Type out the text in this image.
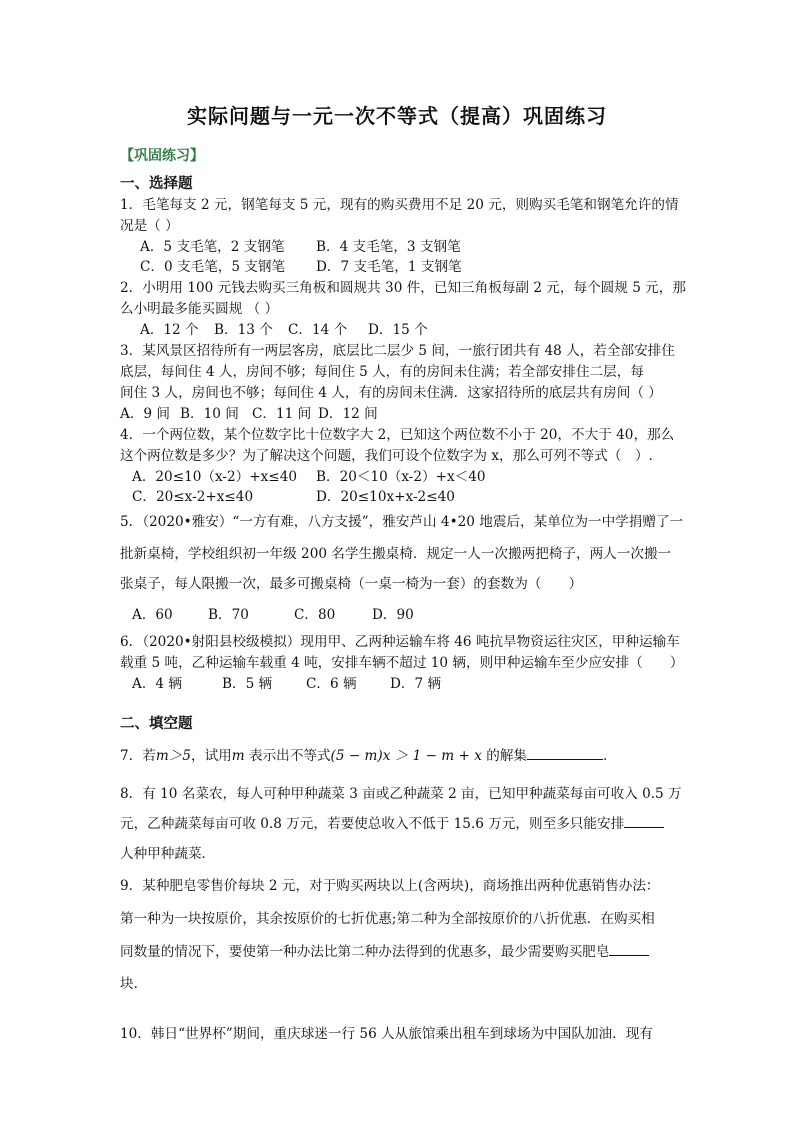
实际问题与一元一次不等式（提高）巩固练习
【巩固练习】
一、选择题
1．毛笔每支 2 元，钢笔每支 5 元，现有的购买费用不足 20 元，则购买毛笔和钢笔允许的情
况是（ ）
A．5 支毛笔，2 支钢笔 B．4 支毛笔，3 支钢笔
C．0 支毛笔，5 支钢笔 D．7 支毛笔，1 支钢笔
2．小明用 100 元钱去购买三角板和圆规共 30 件，已知三角板每副 2 元，每个圆规 5 元，那
么小明最多能买圆规 （ ）
A．12 个 B．13 个 C．14 个 D．15 个
3．某风景区招待所有一两层客房，底层比二层少 5 间，一旅行团共有 48 人，若全部安排住
底层，每间住 4 人，房间不够；每间住 5 人，有的房间未住满；若全部安排住二层，每
间住 3 人，房间也不够；每间住 4 人，有的房间未住满．这家招待所的底层共有房间（ ）
A．9 间 B．10 间 C．11 间 D．12 间
4．一个两位数，某个位数字比十位数字大 2，已知这个两位数不小于 20，不大于 40，那么
这个两位数是多少？为了解决这个问题，我们可设个位数字为 x，那么可列不等式（　）.
A．20≤10（x-2）+x≤40 B．20＜10（x-2）+x＜40
C．20≤x-2+x≤40	D．20≤10x+x-2≤40
5．（2020•雅安）“一方有难，八方支援”，雅安芦山 4•20 地震后，某单位为一中学捐赠了一
批新桌椅，学校组织初一年级 200 名学生搬桌椅．规定一人一次搬两把椅子，两人一次搬一
张桌子，每人限搬一次，最多可搬桌椅（一桌一椅为一套）的套数为（　　）
A．60	B．70	C．80	D．90
6．（2020•射阳县校级模拟）现用甲、乙两种运输车将 46 吨抗旱物资运往灾区，甲种运输车
载重 5 吨，乙种运输车载重 4 吨，安排车辆不超过 10 辆，则甲种运输车至少应安排（　　）
A．4 辆	B．5 辆 C．6 辆 D．7 辆
二、填空题
7．若m＞5，试用m 表示出不等式(5 − m)x ＞ 1 − m + x 的解集	.
8．有 10 名菜农，每人可种甲种蔬菜 3 亩或乙种蔬菜 2 亩，已知甲种蔬菜每亩可收入 0.5 万
元，乙种蔬菜每亩可收 0.8 万元，若要使总收入不低于 15.6 万元，则至多只能安排
人种甲种蔬菜．
9．某种肥皂零售价每块 2 元，对于购买两块以上(含两块)，商场推出两种优惠销售办法：
第一种为一块按原价，其余按原价的七折优惠;第二种为全部按原价的八折优惠．在购买相
同数量的情况下，要使第一种办法比第二种办法得到的优惠多，最少需要购买肥皂
块．
10．韩日“世界杯”期间，重庆球迷一行 56 人从旅馆乘出租车到球场为中国队加油．现有
